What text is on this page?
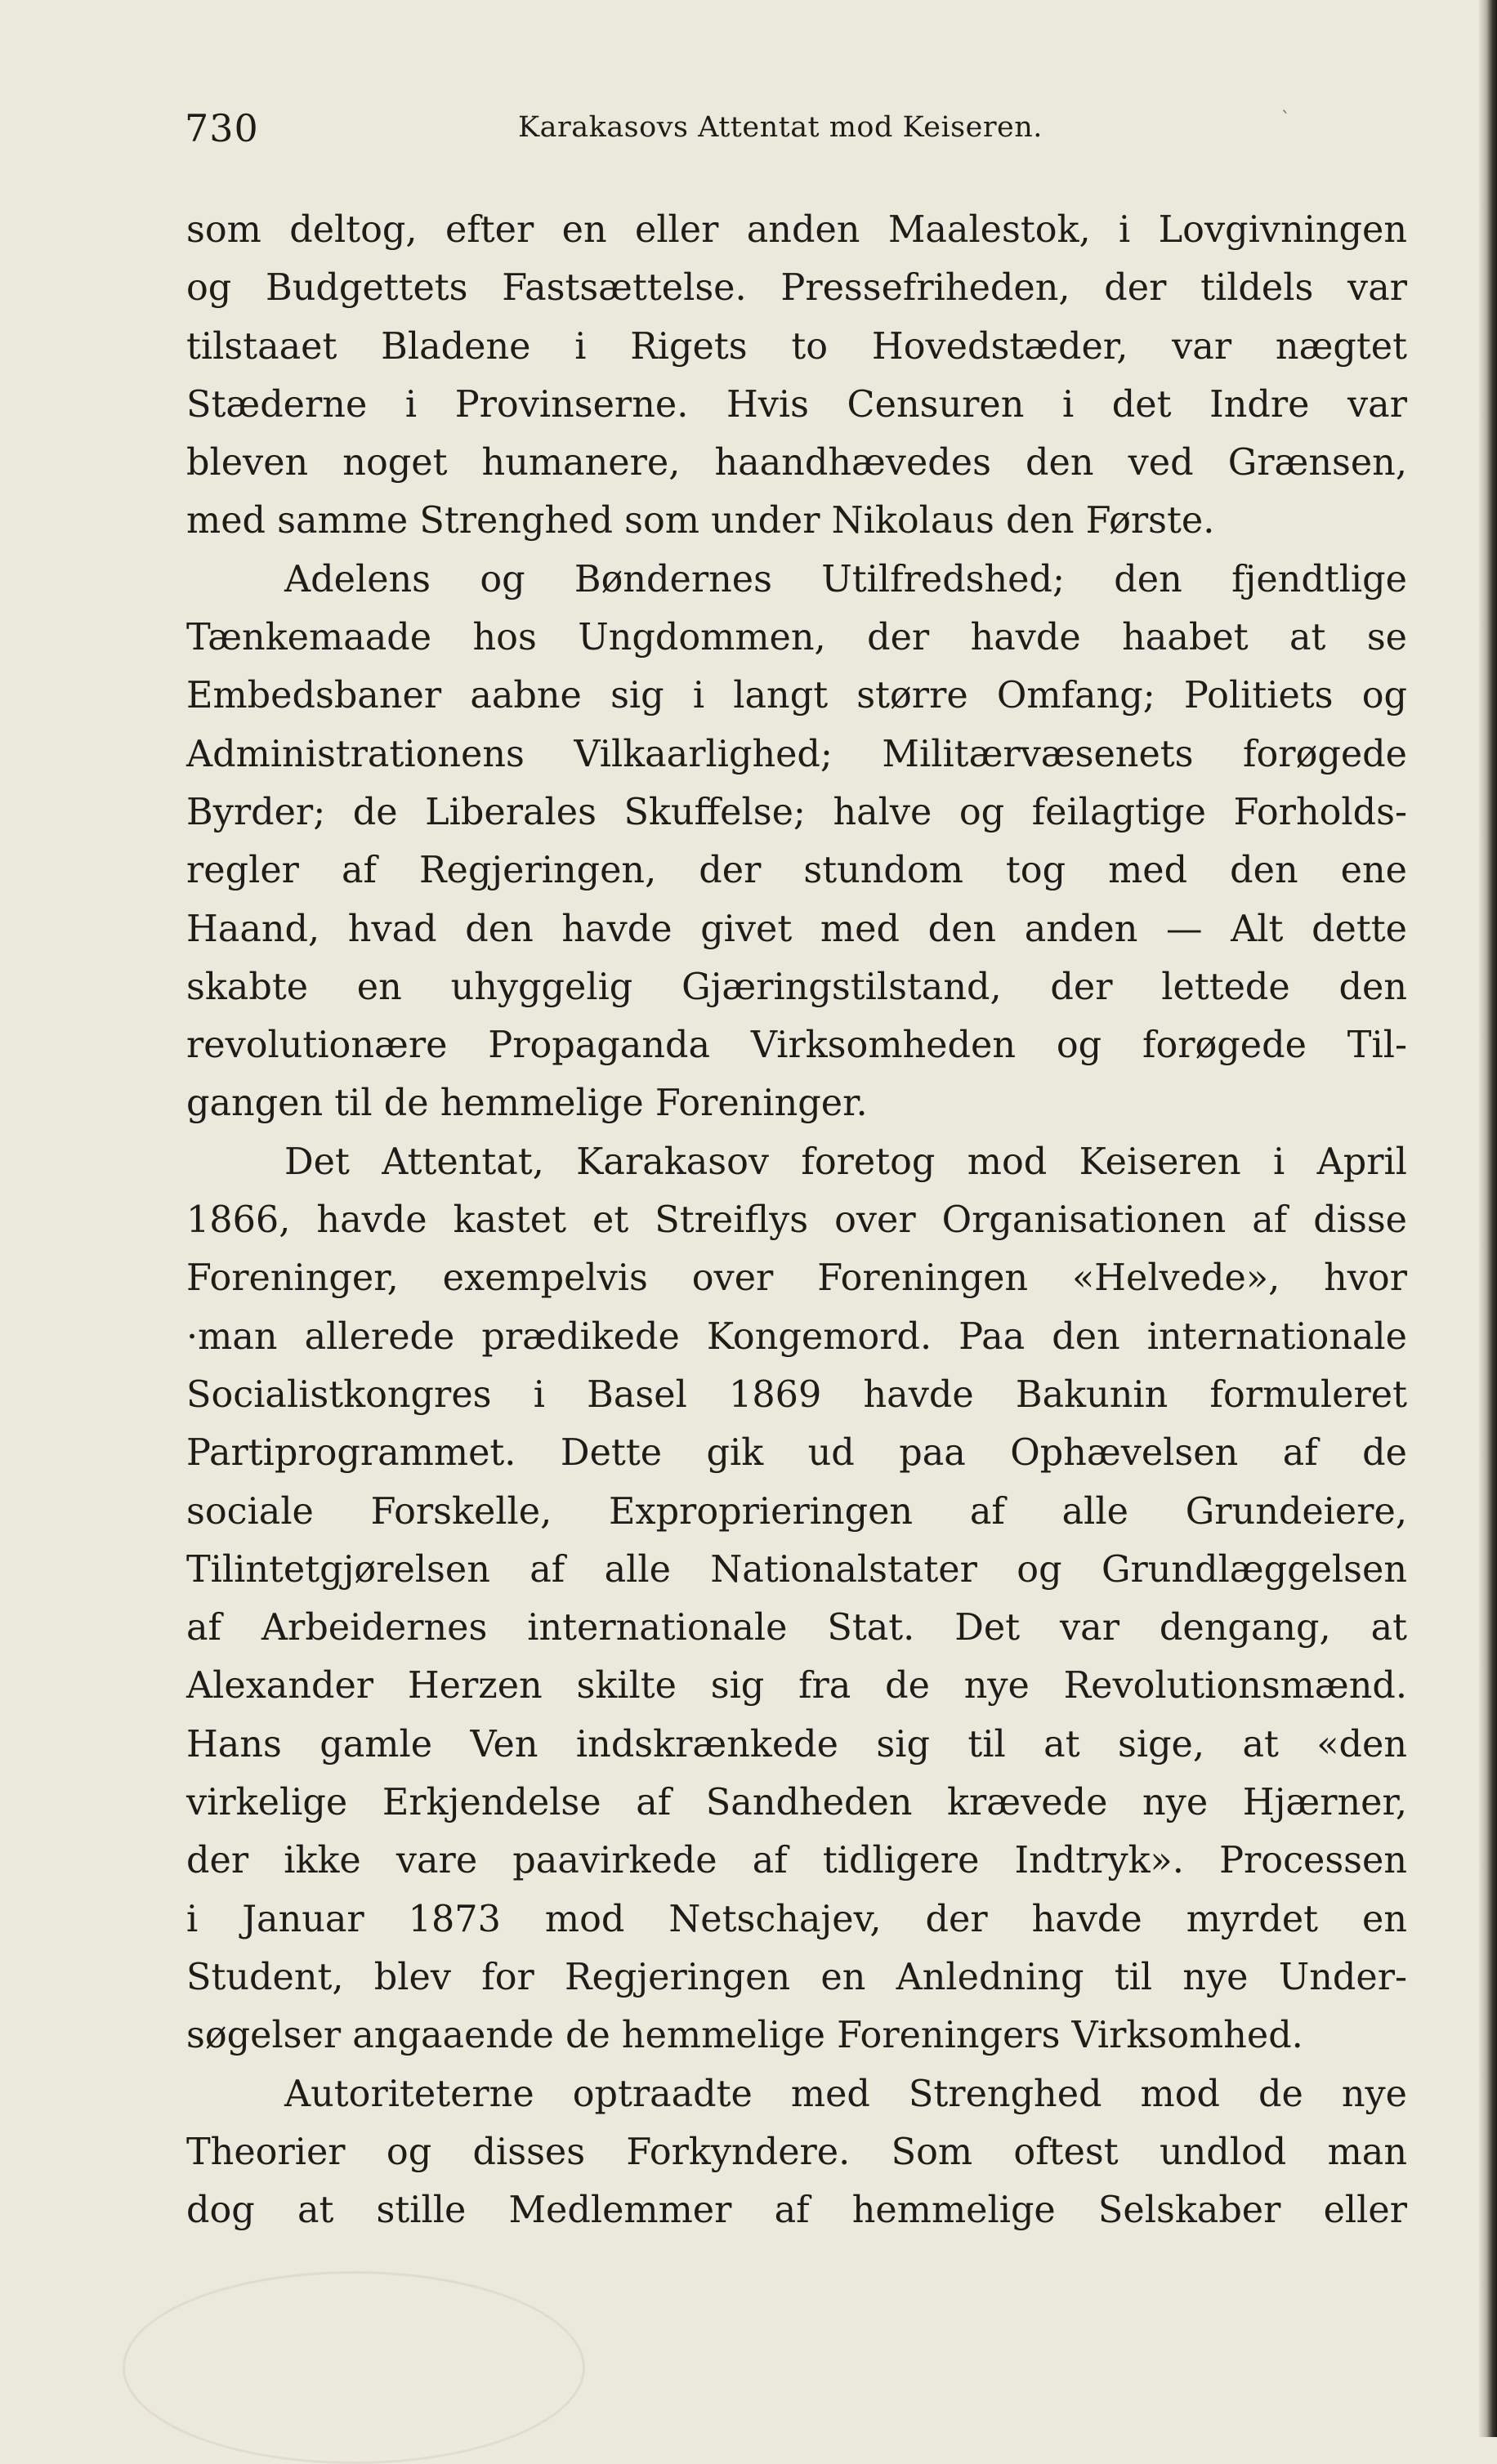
730	Karakasovs Attentat mod Keiseren.	`
som deltog, efter en eller anden Maalestok, i Lovgivningen
og Budgettets Fastsættelse. Pressefriheden, der tildels var
tilstaaet Bladene i Rigets to Hovedstæder, var nægtet
Stæderne i Provinserne. Hvis Censuren i det Indre var
bleven noget humanere, haandhævedes den ved Grænsen,
med samme Strenghed som under Nikolaus den Første.
Adelens og Bøndernes Utilfredshed; den fjendtlige
Tænkemaade hos Ungdommen, der havde haabet at se
Embedsbaner aabne sig i langt større Omfang; Politiets og
Administrationens Vilkaarlighed; Militærvæsenets forøgede
Byrder; de Liberales Skuffelse; halve og feilagtige Forholds-
regler af Regjeringen, der stundom tog med den ene
Haand, hvad den havde givet med den anden — Alt dette
skabte en uhyggelig Gjæringstilstand, der lettede den
revolutionære Propaganda Virksomheden og forøgede Til-
gangen til de hemmelige Foreninger.
Det Attentat, Karakasov foretog mod Keiseren i April
1866, havde kastet et Streiflys over Organisationen af disse
Foreninger, exempelvis over Foreningen «Helvede», hvor
·man allerede prædikede Kongemord. Paa den internationale
Socialistkongres i Basel 1869 havde Bakunin formuleret
Partiprogrammet. Dette gik ud paa Ophævelsen af de
sociale Forskelle, Exproprieringen af alle Grundeiere,
Tilintetgjørelsen af alle Nationalstater og Grundlæggelsen
af Arbeidernes internationale Stat. Det var dengang, at
Alexander Herzen skilte sig fra de nye Revolutionsmænd.
Hans gamle Ven indskrænkede sig til at sige, at «den
virkelige Erkjendelse af Sandheden krævede nye Hjærner,
der ikke vare paavirkede af tidligere Indtryk». Processen
i Januar 1873 mod Netschajev, der havde myrdet en
Student, blev for Regjeringen en Anledning til nye Under-
søgelser angaaende de hemmelige Foreningers Virksomhed.
Autoriteterne optraadte med Strenghed mod de nye
Theorier og disses Forkyndere. Som oftest undlod man
dog at stille Medlemmer af hemmelige Selskaber eller
